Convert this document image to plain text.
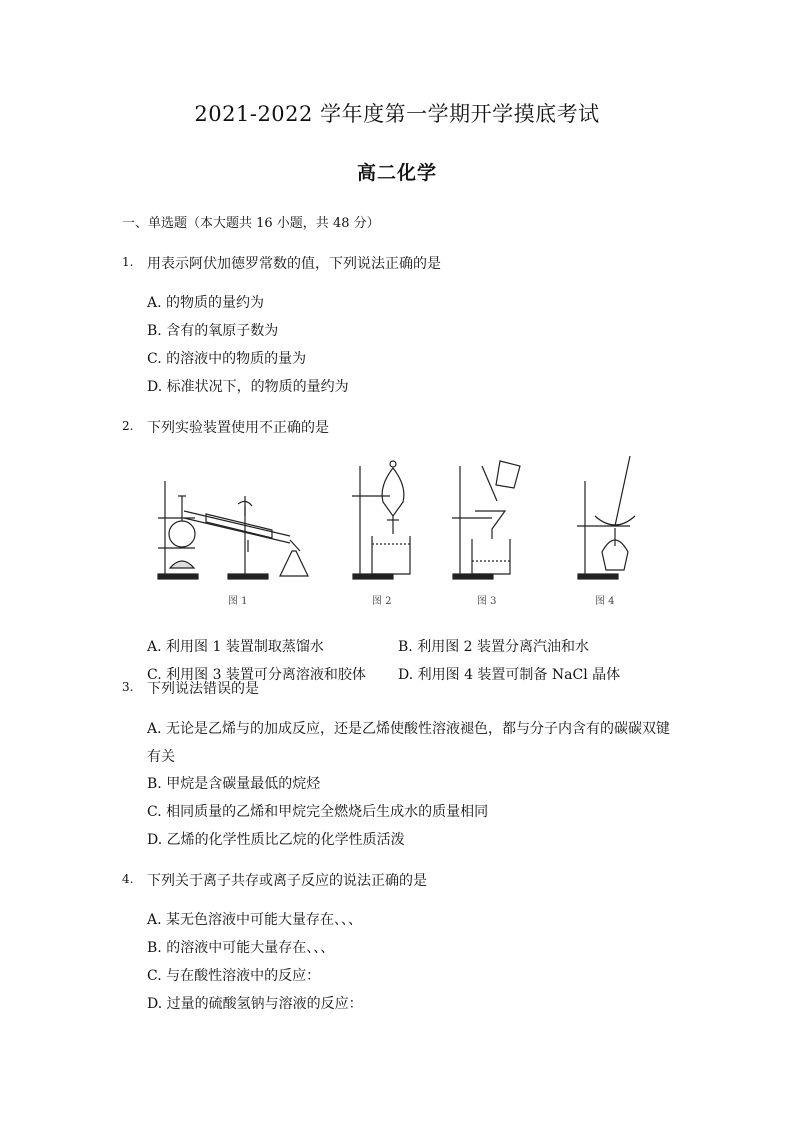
2021-2022 学年度第一学期开学摸底考试
高二化学
一、单选题（本大题共 16 小题，共 48 分）
1. 用表示阿伏加德罗常数的值，下列说法正确的是
A. 的物质的量约为
B. 含有的氧原子数为
C. 的溶液中的物质的量为
D. 标准状况下，的物质的量约为
2. 下列实验装置使用不正确的是
图 1	图 2	图 3	图 4
A. 利用图 1 装置制取蒸馏水	B. 利用图 2 装置分离汽油和水
C. 利用图 3 装置可分离溶液和胶体 D. 利用图 4 装置可制备 NaCl 晶体
3. 下列说法错误的是
A. 无论是乙烯与的加成反应，还是乙烯使酸性溶液褪色，都与分子内含有的碳碳双键
有关
B. 甲烷是含碳量最低的烷烃
C. 相同质量的乙烯和甲烷完全燃烧后生成水的质量相同
D. 乙烯的化学性质比乙烷的化学性质活泼
4. 下列关于离子共存或离子反应的说法正确的是
A. 某无色溶液中可能大量存在、、、
B. 的溶液中可能大量存在、、、
C. 与在酸性溶液中的反应：
D. 过量的硫酸氢钠与溶液的反应：
